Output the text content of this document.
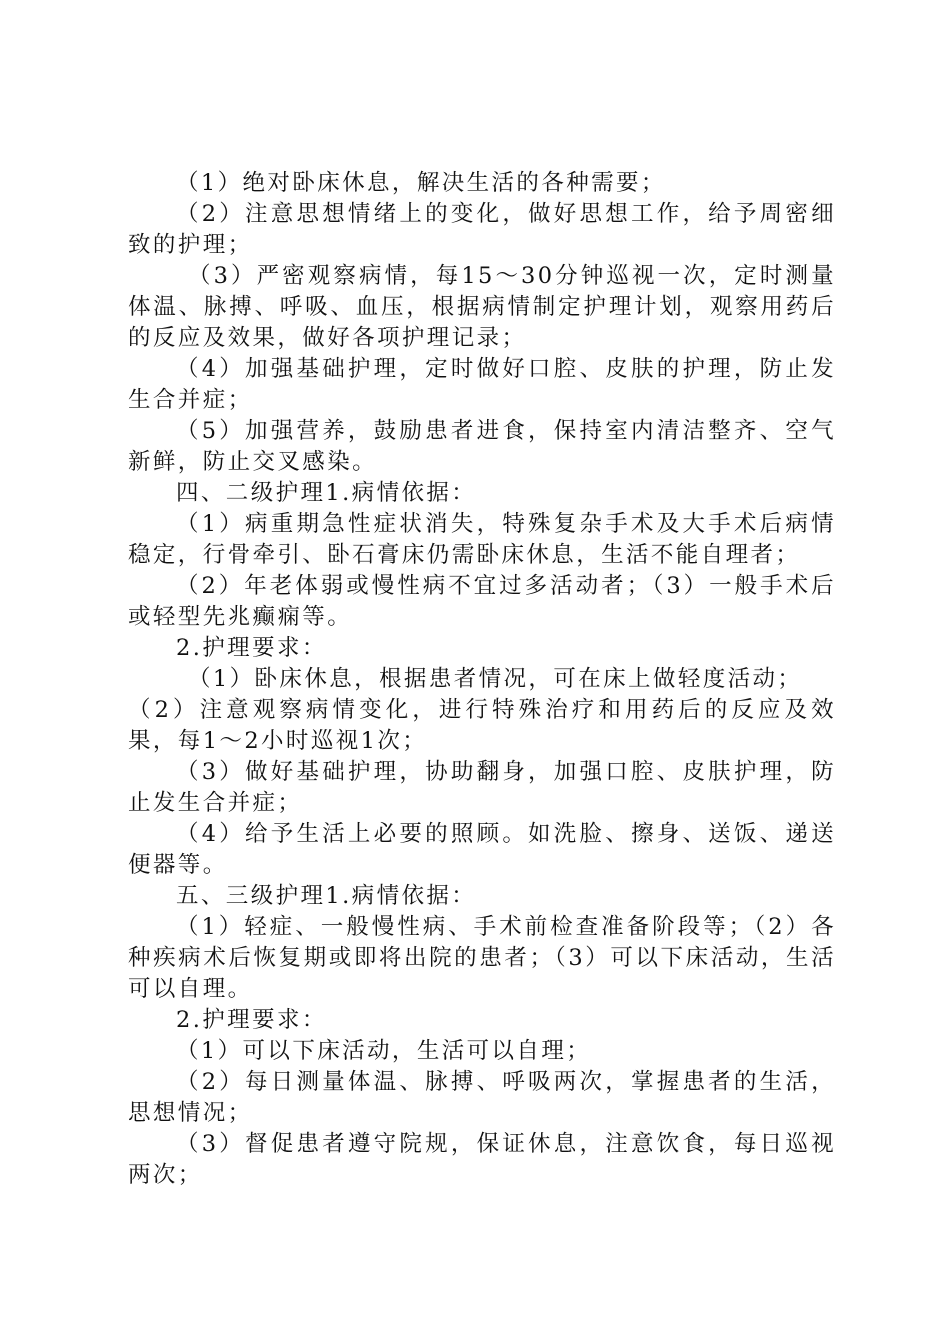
（1）绝对卧床休息，解决生活的各种需要；

（2）注意思想情绪上的变化，做好思想工作，给予周密细致的护理；

（3）严密观察病情，每15～30分钟巡视一次，定时测量体温、脉搏、呼吸、血压，根据病情制定护理计划，观察用药后的反应及效果，做好各项护理记录；

（4）加强基础护理，定时做好口腔、皮肤的护理，防止发生合并症；

（5）加强营养，鼓励患者进食，保持室内清洁整齐、空气新鲜，防止交叉感染。

四、二级护理1.病情依据：

（1）病重期急性症状消失，特殊复杂手术及大手术后病情稳定，行骨牵引、卧石膏床仍需卧床休息，生活不能自理者；

（2）年老体弱或慢性病不宜过多活动者；（3）一般手术后或轻型先兆癫痫等。

2.护理要求：

（1）卧床休息，根据患者情况，可在床上做轻度活动；

（2）注意观察病情变化，进行特殊治疗和用药后的反应及效果，每1～2小时巡视1次；

（3）做好基础护理，协助翻身，加强口腔、皮肤护理，防止发生合并症；

（4）给予生活上必要的照顾。如洗脸、擦身、送饭、递送便器等。

五、三级护理1.病情依据：

（1）轻症、一般慢性病、手术前检查准备阶段等；（2）各种疾病术后恢复期或即将出院的患者；（3）可以下床活动，生活可以自理。

2.护理要求：

（1）可以下床活动，生活可以自理；

（2）每日测量体温、脉搏、呼吸两次，掌握患者的生活，思想情况；

（3）督促患者遵守院规，保证休息，注意饮食，每日巡视两次；
